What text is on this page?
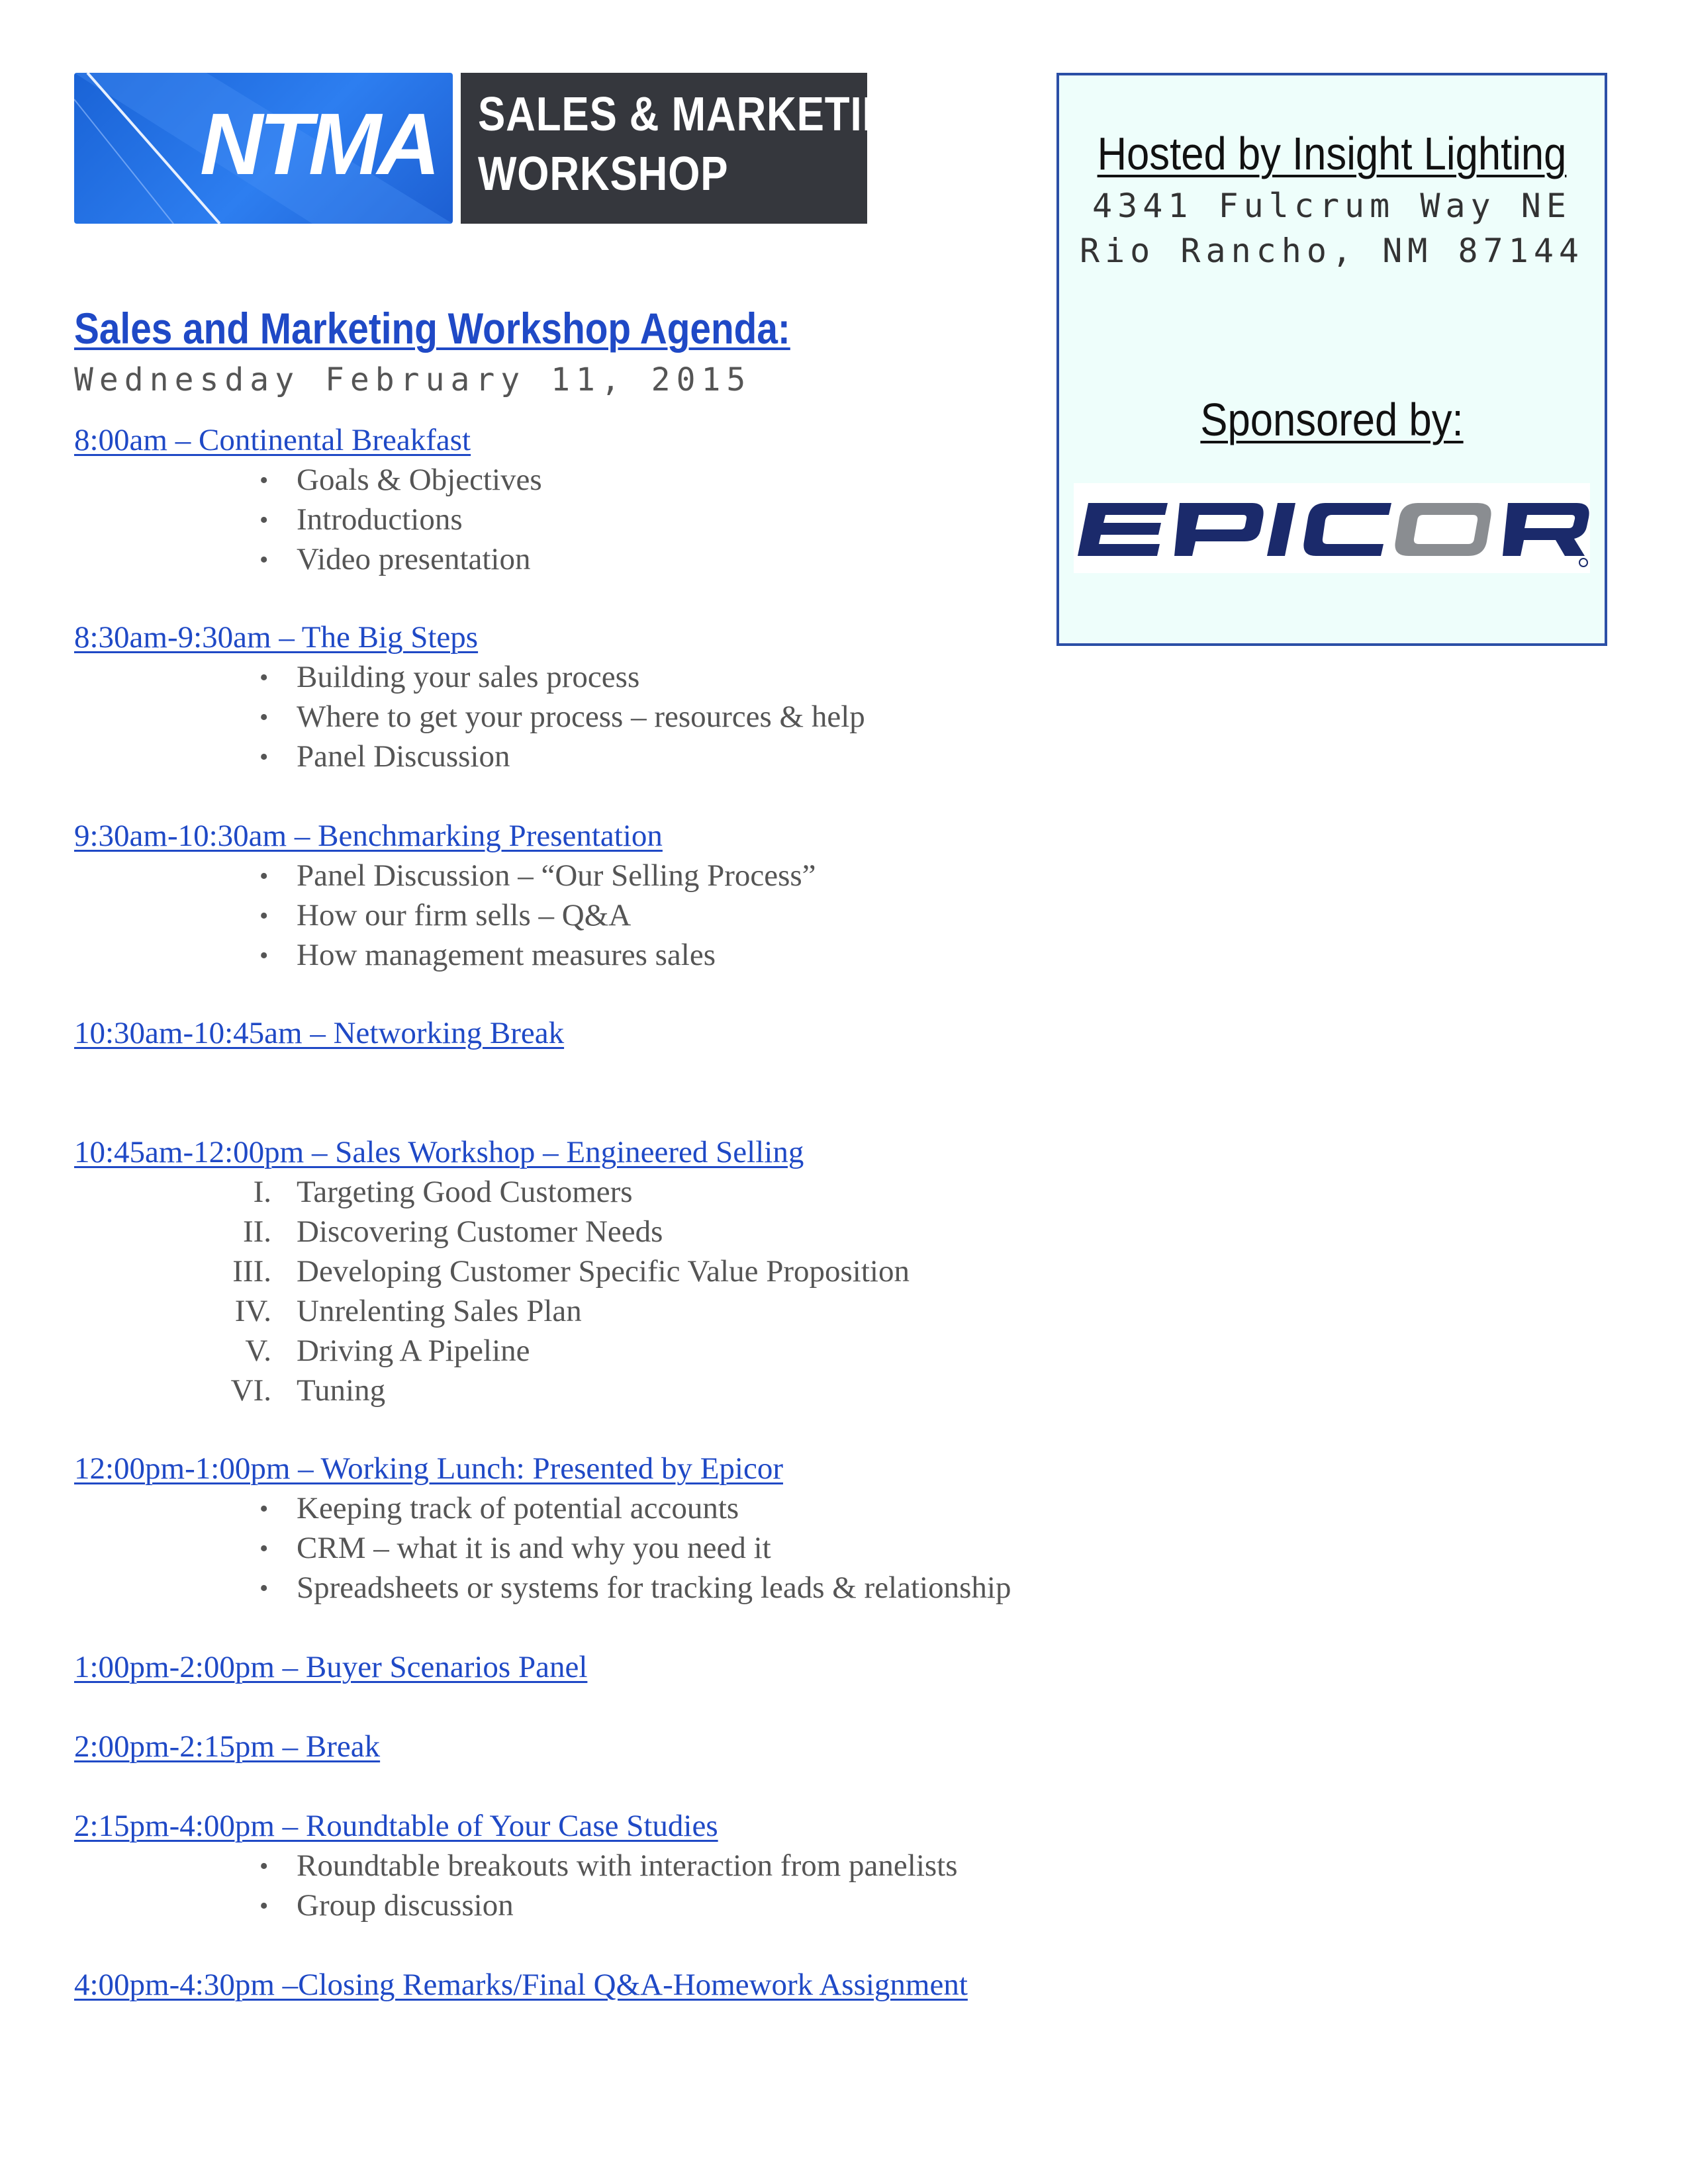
NTMA SALES & MARKETING
WORKSHOP	Hosted by Insight Lighting
4341 Fulcrum Way NE
Rio Rancho, NM 87144
Sponsored by:
Sales and Marketing Workshop Agenda:
Wednesday February 11, 2015
8:00am – Continental Breakfast
• Goals & Objectives
• Introductions
• Video presentation
8:30am-9:30am – The Big Steps
• Building your sales process
• Where to get your process – resources & help
• Panel Discussion
9:30am-10:30am – Benchmarking Presentation
• Panel Discussion – “Our Selling Process”
• How our firm sells – Q&A
• How management measures sales
10:30am-10:45am – Networking Break
10:45am-12:00pm – Sales Workshop – Engineered Selling
I. Targeting Good Customers
II. Discovering Customer Needs
III. Developing Customer Specific Value Proposition
IV. Unrelenting Sales Plan
V. Driving A Pipeline
VI. Tuning
12:00pm-1:00pm – Working Lunch: Presented by Epicor
• Keeping track of potential accounts
• CRM – what it is and why you need it
• Spreadsheets or systems for tracking leads & relationship
1:00pm-2:00pm – Buyer Scenarios Panel
2:00pm-2:15pm – Break
2:15pm-4:00pm – Roundtable of Your Case Studies
• Roundtable breakouts with interaction from panelists
• Group discussion
4:00pm-4:30pm –Closing Remarks/Final Q&A-Homework Assignment
